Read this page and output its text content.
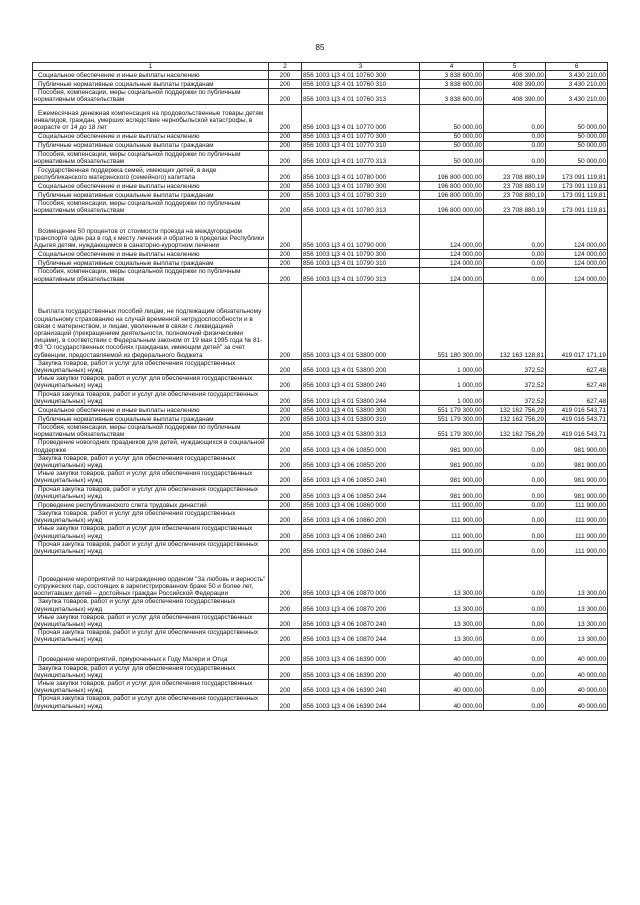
85
1	2	3	4	5	6

Социальное обеспечение и иные выплаты населению	200	856 1003 ЦЗ 4 01 10760 300	3 838 600,00	408 390,00	3 430 210,00

Публичные нормативные социальные выплаты гражданам	200	856 1003 ЦЗ 4 01 10760 310	3 838 600,00	408 390,00	3 430 210,00

Пособия, компенсации, меры социальной поддержки по публичным нормативным обязательствам	200	856 1003 ЦЗ 4 01 10760 313	3 838 600,00	408 390,00	3 430 210,00

Ежемесячная денежная компенсация на продовольственные товары детям инвалидов, граждан, умерших вследствие чернобыльской катастрофы, в возрасте от 14 до 18 лет	200	856 1003 ЦЗ 4 01 10770 000	50 000,00	0,00	50 000,00

Социальное обеспечение и иные выплаты населению	200	856 1003 ЦЗ 4 01 10770 300	50 000,00	0,00	50 000,00

Публичные нормативные социальные выплаты гражданам	200	856 1003 ЦЗ 4 01 10770 310	50 000,00	0,00	50 000,00

Пособия, компенсации, меры социальной поддержки по публичным нормативным обязательствам	200	856 1003 ЦЗ 4 01 10770 313	50 000,00	0,00	50 000,00

Государственная поддержка семей, имеющих детей, в виде республиканского материнского (семейного) капитала	200	856 1003 ЦЗ 4 01 10780 000	196 800 000,00	23 708 880,19	173 091 119,81

Социальное обеспечение и иные выплаты населению	200	856 1003 ЦЗ 4 01 10780 300	196 800 000,00	23 708 880,19	173 091 119,81

Публичные нормативные социальные выплаты гражданам	200	856 1003 ЦЗ 4 01 10780 310	196 800 000,00	23 708 880,19	173 091 119,81

Пособия, компенсации, меры социальной поддержки по публичным нормативным обязательствам	200	856 1003 ЦЗ 4 01 10780 313	196 800 000,00	23 708 880,19	173 091 119,81

Возмещение 50 процентов от стоимости проезда на междугородном транспорте один раз в год к месту лечения и обратно в пределах Республики Адыгея детям, нуждающимся в санаторно-курортном лечении	200	856 1003 ЦЗ 4 01 10790 000	124 000,00	0,00	124 000,00

Социальное обеспечение и иные выплаты населению	200	856 1003 ЦЗ 4 01 10790 300	124 000,00	0,00	124 000,00

Публичные нормативные социальные выплаты гражданам	200	856 1003 ЦЗ 4 01 10790 310	124 000,00	0,00	124 000,00

Пособия, компенсации, меры социальной поддержки по публичным нормативным обязательствам	200	856 1003 ЦЗ 4 01 10790 313	124 000,00	0,00	124 000,00

Выплата государственных пособий лицам, не подлежащим обязательному социальному страхованию на случай временной нетрудоспособности и в связи с материнством, и лицам, уволенным в связи с ликвидацией организаций (прекращением деятельности, полномочий физическими лицами), в соответствии с Федеральным законом от 19 мая 1995 года № 81-ФЗ "О государственных пособиях гражданам, имеющим детей" за счет субвенции, предоставляемой из федерального бюджета	200	856 1003 ЦЗ 4 01 53800 000	551 180 300,00	132 163 128,81	419 017 171,19

Закупка товаров, работ и услуг для обеспечения государственных (муниципальных) нужд	200	856 1003 ЦЗ 4 01 53800 200	1 000,00	372,52	627,48

Иные закупки товаров, работ и услуг для обеспечения государственных (муниципальных) нужд	200	856 1003 ЦЗ 4 01 53800 240	1 000,00	372,52	627,48

Прочая закупка товаров, работ и услуг для обеспечения государственных (муниципальных) нужд	200	856 1003 ЦЗ 4 01 53800 244	1 000,00	372,52	627,48

Социальное обеспечение и иные выплаты населению	200	856 1003 ЦЗ 4 01 53800 300	551 179 300,00	132 162 756,29	419 016 543,71

Публичные нормативные социальные выплаты гражданам	200	856 1003 ЦЗ 4 01 53800 310	551 179 300,00	132 162 756,29	419 016 543,71

Пособия, компенсации, меры социальной поддержки по публичным нормативным обязательствам	200	856 1003 ЦЗ 4 01 53800 313	551 179 300,00	132 162 756,29	419 016 543,71

Проведение новогодних праздников для детей, нуждающихся в социальной поддержке	200	856 1003 ЦЗ 4 06 10850 000	981 900,00	0,00	981 900,00

Закупка товаров, работ и услуг для обеспечения государственных (муниципальных) нужд	200	856 1003 ЦЗ 4 06 10850 200	981 900,00	0,00	981 900,00

Иные закупки товаров, работ и услуг для обеспечения государственных (муниципальных) нужд	200	856 1003 ЦЗ 4 06 10850 240	981 900,00	0,00	981 900,00

Прочая закупка товаров, работ и услуг для обеспечения государственных (муниципальных) нужд	200	856 1003 ЦЗ 4 06 10850 244	981 900,00	0,00	981 900,00

Проведение республиканского слета трудовых династий	200	856 1003 ЦЗ 4 06 10860 000	111 900,00	0,00	111 900,00

Закупка товаров, работ и услуг для обеспечения государственных (муниципальных) нужд	200	856 1003 ЦЗ 4 06 10860 200	111 900,00	0,00	111 900,00

Иные закупки товаров, работ и услуг для обеспечения государственных (муниципальных) нужд	200	856 1003 ЦЗ 4 06 10860 240	111 900,00	0,00	111 900,00

Прочая закупка товаров, работ и услуг для обеспечения государственных (муниципальных) нужд	200	856 1003 ЦЗ 4 06 10860 244	111 900,00	0,00	111 900,00

Проведение мероприятий по награждению орденом "За любовь и верность" супружеских пар, состоящих в зарегистрированном браке 50 и более лет, воспитавших детей – достойных граждан Российской Федерации	200	856 1003 ЦЗ 4 06 10870 000	13 300,00	0,00	13 300,00

Закупка товаров, работ и услуг для обеспечения государственных (муниципальных) нужд	200	856 1003 ЦЗ 4 06 10870 200	13 300,00	0,00	13 300,00

Иные закупки товаров, работ и услуг для обеспечения государственных (муниципальных) нужд	200	856 1003 ЦЗ 4 06 10870 240	13 300,00	0,00	13 300,00

Прочая закупка товаров, работ и услуг для обеспечения государственных (муниципальных) нужд	200	856 1003 ЦЗ 4 06 10870 244	13 300,00	0,00	13 300,00

Проведение мероприятий, приуроченных к Году Матери и Отца	200	856 1003 ЦЗ 4 06 16390 000	40 000,00	0,00	40 000,00

Закупка товаров, работ и услуг для обеспечения государственных (муниципальных) нужд	200	856 1003 ЦЗ 4 06 16390 200	40 000,00	0,00	40 000,00

Иные закупки товаров, работ и услуг для обеспечения государственных (муниципальных) нужд	200	856 1003 ЦЗ 4 06 16390 240	40 000,00	0,00	40 000,00

Прочая закупка товаров, работ и услуг для обеспечения государственных (муниципальных) нужд	200	856 1003 ЦЗ 4 06 16390 244	40 000,00	0,00	40 000,00
